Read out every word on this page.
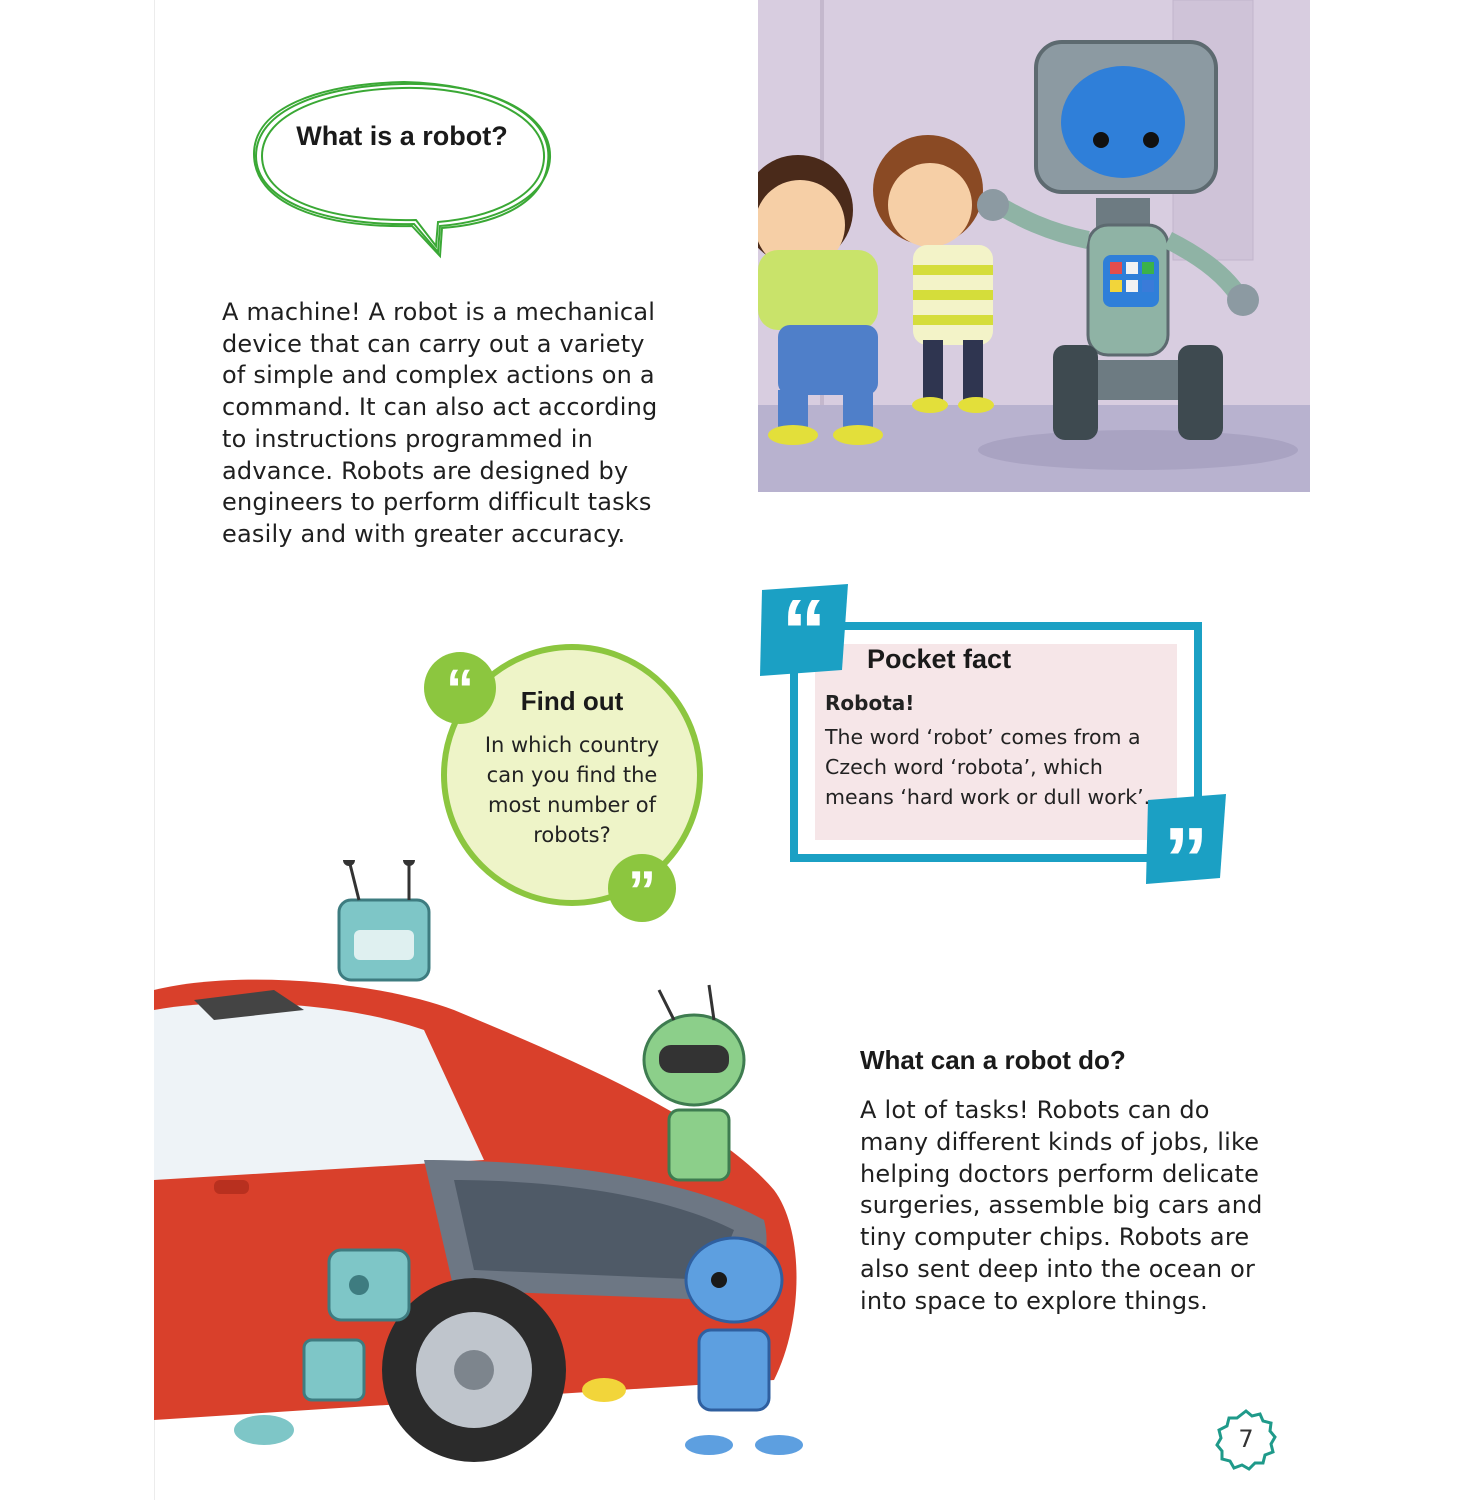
What is a robot?
A machine! A robot is a mechanical device that can carry out a variety of simple and complex actions on a command. It can also act according to instructions programmed in advance. Robots are designed by engineers to perform difficult tasks easily and with greater accuracy.
“
”
Find out
In which country can you find the most number of robots?
“
”
Pocket fact
Robota!
The word ‘robot’ comes from a Czech word ‘robota’, which means ‘hard work or dull work’.
What can a robot do?
A lot of tasks! Robots can do many different kinds of jobs, like helping doctors perform delicate surgeries, assemble big cars and tiny computer chips. Robots are also sent deep into the ocean or into space to explore things.
7
